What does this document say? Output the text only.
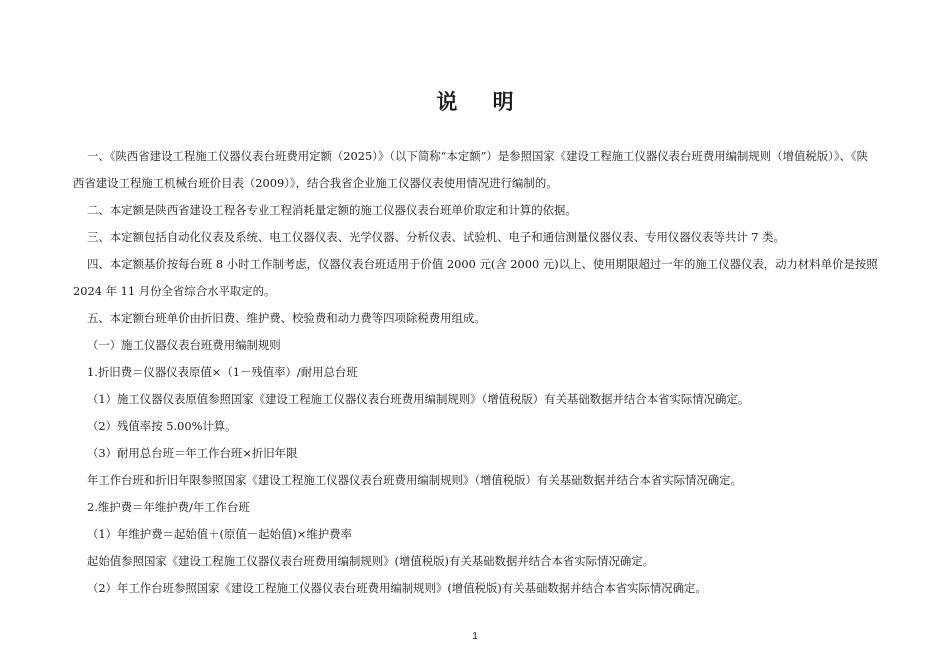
说 明
一、《陕西省建设工程施工仪器仪表台班费用定额（2025）》（以下简称“本定额”）是参照国家《建设工程施工仪器仪表台班费用编制规则（增值税版）》、《陕
西省建设工程施工机械台班价目表（2009）》，结合我省企业施工仪器仪表使用情况进行编制的。
二、本定额是陕西省建设工程各专业工程消耗量定额的施工仪器仪表台班单价取定和计算的依据。
三、本定额包括自动化仪表及系统、电工仪器仪表、光学仪器、分析仪表、试验机、电子和通信测量仪器仪表、专用仪器仪表等共计 7 类。
四、本定额基价按每台班 8 小时工作制考虑，仪器仪表台班适用于价值 2000 元(含 2000 元)以上、使用期限超过一年的施工仪器仪表，动力材料单价是按照
2024 年 11 月份全省综合水平取定的。
五、本定额台班单价由折旧费、维护费、校验费和动力费等四项除税费用组成。
（一）施工仪器仪表台班费用编制规则
1.折旧费＝仪器仪表原值×（1－残值率）/耐用总台班
（1）施工仪器仪表原值参照国家《建设工程施工仪器仪表台班费用编制规则》（增值税版）有关基础数据并结合本省实际情况确定。
（2）残值率按 5.00%计算。
（3）耐用总台班＝年工作台班×折旧年限
年工作台班和折旧年限参照国家《建设工程施工仪器仪表台班费用编制规则》（增值税版）有关基础数据并结合本省实际情况确定。
2.维护费＝年维护费/年工作台班
（1）年维护费＝起始值＋(原值－起始值)×维护费率
起始值参照国家《建设工程施工仪器仪表台班费用编制规则》(增值税版)有关基础数据并结合本省实际情况确定。
（2）年工作台班参照国家《建设工程施工仪器仪表台班费用编制规则》(增值税版)有关基础数据并结合本省实际情况确定。
1
